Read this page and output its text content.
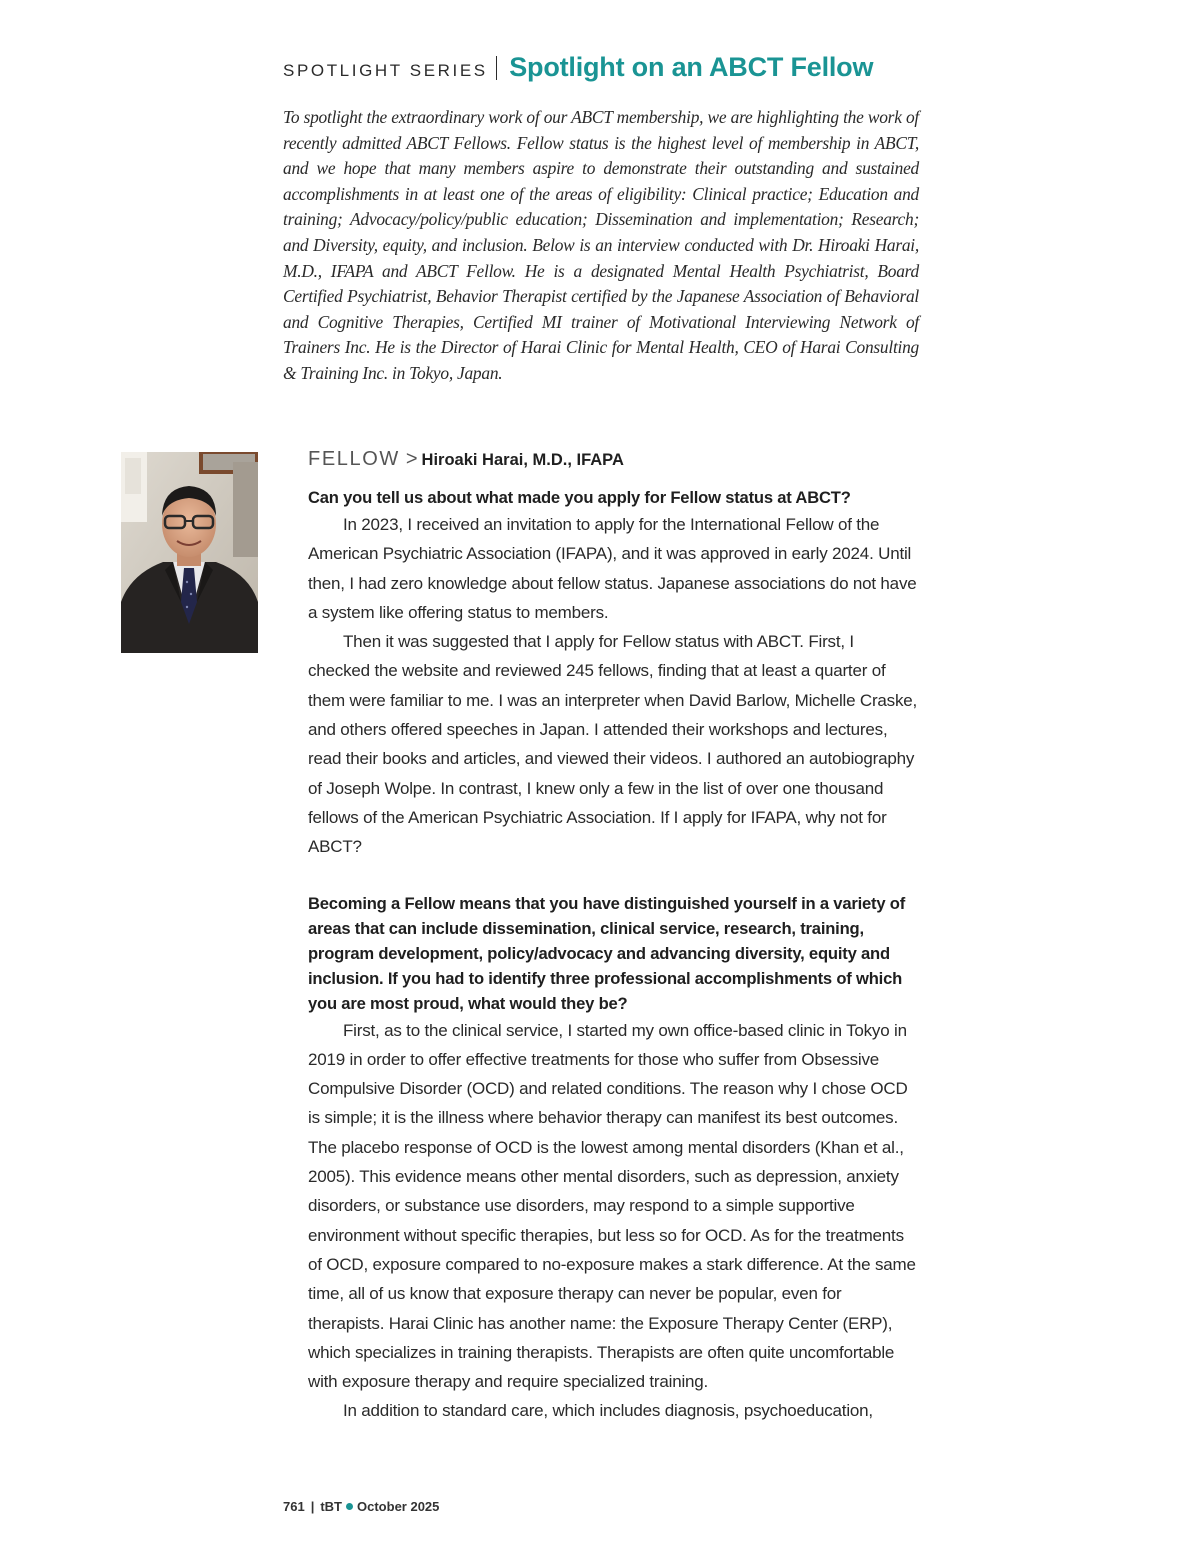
SPOTLIGHT SERIES Spotlight on an ABCT Fellow

To spotlight the extraordinary work of our ABCT membership, we are highlighting the work of recently admitted ABCT Fellows. Fellow status is the highest level of membership in ABCT, and we hope that many members aspire to demonstrate their outstanding and sustained accomplishments in at least one of the areas of eligibility: Clinical practice; Education and training; Advocacy/policy/public education; Dissemination and implementation; Research; and Diversity, equity, and inclusion. Below is an interview conducted with Dr. Hiroaki Harai, M.D., IFAPA and ABCT Fellow. He is a designated Mental Health Psychiatrist, Board Certified Psychiatrist, Behavior Therapist certified by the Japanese Association of Behavioral and Cognitive Therapies, Certified MI trainer of Motivational Interviewing Network of Trainers Inc. He is the Director of Harai Clinic for Mental Health, CEO of Harai Consulting & Training Inc. in Tokyo, Japan.

FELLOW > Hiroaki Harai, M.D., IFAPA

Can you tell us about what made you apply for Fellow status at ABCT?

In 2023, I received an invitation to apply for the International Fellow of the American Psychiatric Association (IFAPA), and it was approved in early 2024. Until then, I had zero knowledge about fellow status. Japanese associations do not have a system like offering status to members.

Then it was suggested that I apply for Fellow status with ABCT. First, I checked the website and reviewed 245 fellows, finding that at least a quarter of them were familiar to me. I was an interpreter when David Barlow, Michelle Craske, and others offered speeches in Japan. I attended their workshops and lectures, read their books and articles, and viewed their videos. I authored an autobiography of Joseph Wolpe. In contrast, I knew only a few in the list of over one thousand fellows of the American Psychiatric Association. If I apply for IFAPA, why not for ABCT?

Becoming a Fellow means that you have distinguished yourself in a variety of areas that can include dissemination, clinical service, research, training, program development, policy/advocacy and advancing diversity, equity and inclusion. If you had to identify three professional accomplishments of which you are most proud, what would they be?

First, as to the clinical service, I started my own office-based clinic in Tokyo in 2019 in order to offer effective treatments for those who suffer from Obsessive Compulsive Disorder (OCD) and related conditions. The reason why I chose OCD is simple; it is the illness where behavior therapy can manifest its best outcomes. The placebo response of OCD is the lowest among mental disorders (Khan et al., 2005). This evidence means other mental disorders, such as depression, anxiety disorders, or substance use disorders, may respond to a simple supportive environment without specific therapies, but less so for OCD. As for the treatments of OCD, exposure compared to no-exposure makes a stark difference. At the same time, all of us know that exposure therapy can never be popular, even for therapists. Harai Clinic has another name: the Exposure Therapy Center (ERP), which specializes in training therapists. Therapists are often quite uncomfortable with exposure therapy and require specialized training.

In addition to standard care, which includes diagnosis, psychoeducation,

761 | tBT October 2025
